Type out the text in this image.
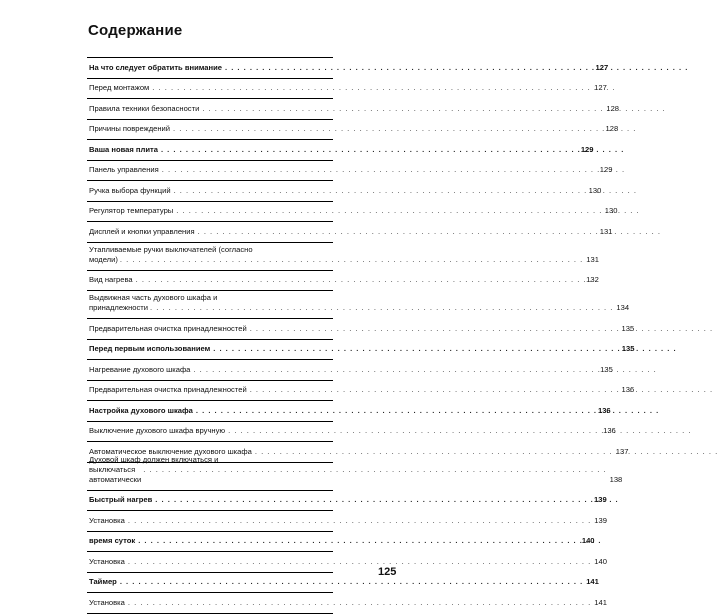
Содержание
На что следует обратить внимание . . .	127
Перед монтажом . . .	127
Правила техники безопасности . . .	128
Причины повреждений . . .	128
Ваша новая плита . . .	129
Панель управления . . .	129
Ручка выбора функций . . .	130
Регулятор температуры . . .	130
Дисплей и кнопки управления . . .	131
Утапливаемые ручки выключателей (согласно
модели) . . .	131
Вид нагрева . . .	132
Выдвижная часть духового шкафа и
принадлежности . . .	134
Предварительная очистка принадлежностей . . .	135
Перед первым использованием . . .	135
Нагревание духового шкафа . . .	135
Предварительная очистка принадлежностей . . .	136
Настройка духового шкафа . . .	136
Выключение духового шкафа вручную . . .	136
Автоматическое выключение духового шкафа . . .	137
Духовой шкаф должен включаться и
выключаться автоматически . . .	138
Быстрый нагрев . . .	139
Установка . . .	139
время суток . . .	140
Установка . . .	140
Таймер . . .	141
Установка . . .	141
125
